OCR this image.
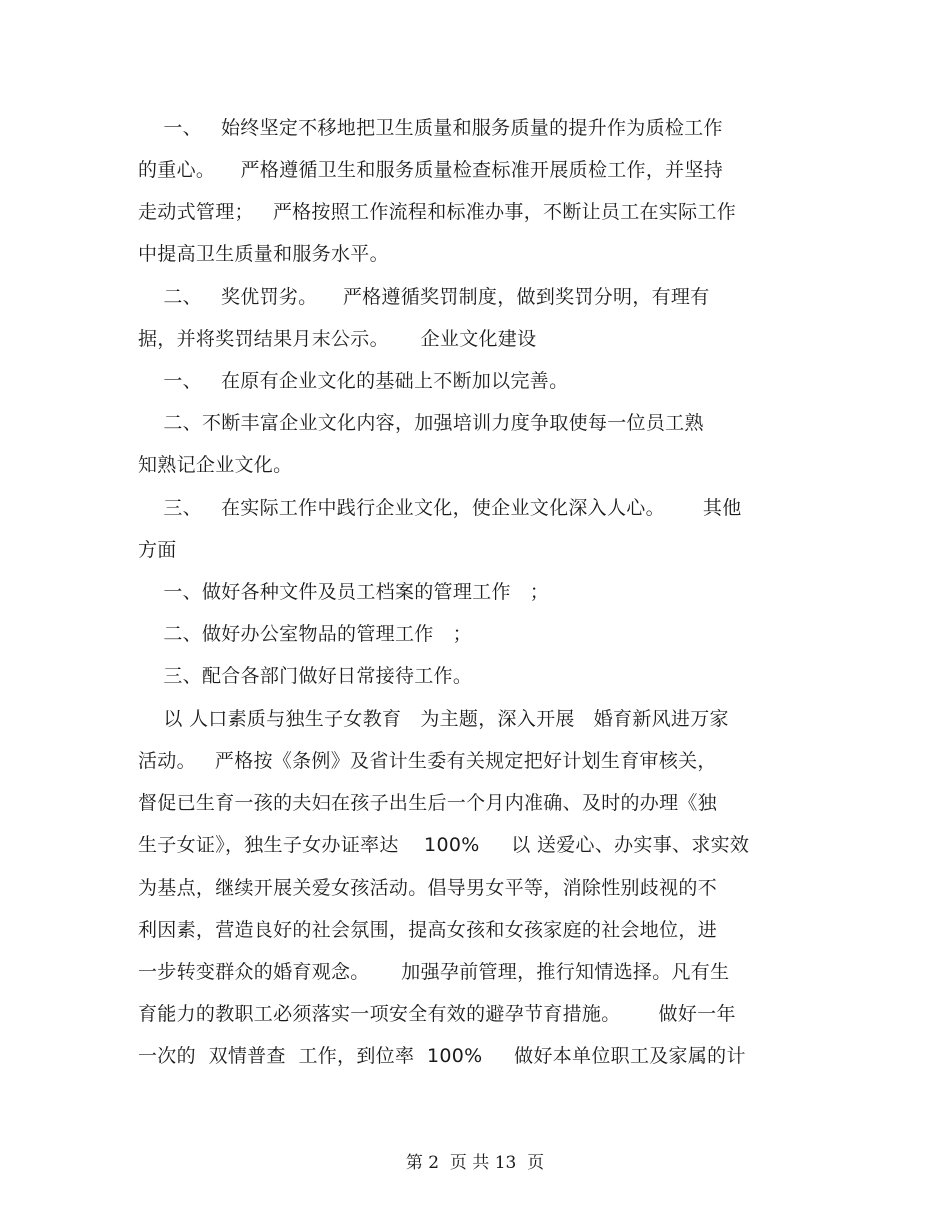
一、   始终坚定不移地把卫生质量和服务质量的提升作为质检工作
的重心。    严格遵循卫生和服务质量检查标准开展质检工作，并坚持
走动式管理；   严格按照工作流程和标准办事，不断让员工在实际工作
中提高卫生质量和服务水平。
二、   奖优罚劣。    严格遵循奖罚制度，做到奖罚分明，有理有
据，并将奖罚结果月末公示。     企业文化建设
一、   在原有企业文化的基础上不断加以完善。
二、不断丰富企业文化内容，加强培训力度争取使每一位员工熟
知熟记企业文化。
三、   在实际工作中践行企业文化，使企业文化深入人心。      其他
方面
一、做好各种文件及员工档案的管理工作   ；
二、做好办公室物品的管理工作   ；
三、配合各部门做好日常接待工作。
以 人口素质与独生子女教育   为主题，深入开展   婚育新风进万家
活动。   严格按《条例》及省计生委有关规定把好计划生育审核关，
督促已生育一孩的夫妇在孩子出生后一个月内准确、及时的办理《独
生子女证》，独生子女办证率达    100%     以 送爱心、办实事、求实效
为基点，继续开展关爱女孩活动。倡导男女平等，消除性别歧视的不
利因素，营造良好的社会氛围，提高女孩和女孩家庭的社会地位，进
一步转变群众的婚育观念。     加强孕前管理，推行知情选择。凡有生
育能力的教职工必须落实一项安全有效的避孕节育措施。      做好一年
一次的  双情普查  工作，到位率  100%     做好本单位职工及家属的计
第 2  页 共 13  页
